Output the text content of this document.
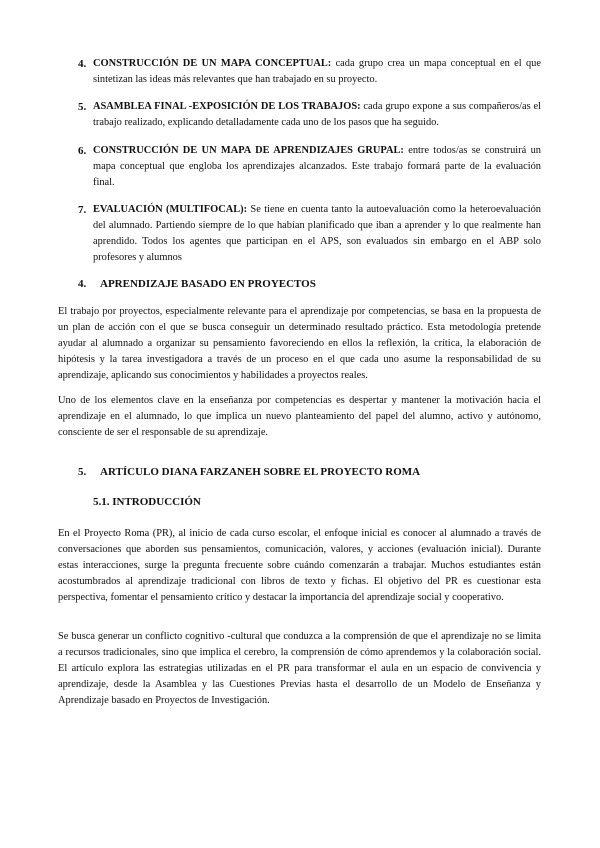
4. CONSTRUCCIÓN DE UN MAPA CONCEPTUAL: cada grupo crea un mapa conceptual en el que sintetizan las ideas más relevantes que han trabajado en su proyecto.
5. ASAMBLEA FINAL -EXPOSICIÓN DE LOS TRABAJOS: cada grupo expone a sus compañeros/as el trabajo realizado, explicando detalladamente cada uno de los pasos que ha seguido.
6. CONSTRUCCIÓN DE UN MAPA DE APRENDIZAJES GRUPAL: entre todos/as se construirá un mapa conceptual que engloba los aprendizajes alcanzados. Este trabajo formará parte de la evaluación final.
7. EVALUACIÓN (MULTIFOCAL): Se tiene en cuenta tanto la autoevaluación como la heteroevaluación del alumnado. Partiendo siempre de lo que habían planificado que iban a aprender y lo que realmente han aprendido. Todos los agentes que participan en el APS, son evaluados sin embargo en el ABP solo profesores y alumnos
4. APRENDIZAJE BASADO EN PROYECTOS

El trabajo por proyectos, especialmente relevante para el aprendizaje por competencias, se basa en la propuesta de un plan de acción con el que se busca conseguir un determinado resultado práctico. Esta metodología pretende ayudar al alumnado a organizar su pensamiento favoreciendo en ellos la reflexión, la crítica, la elaboración de hipótesis y la tarea investigadora a través de un proceso en el que cada uno asume la responsabilidad de su aprendizaje, aplicando sus conocimientos y habilidades a proyectos reales.

Uno de los elementos clave en la enseñanza por competencias es despertar y mantener la motivación hacia el aprendizaje en el alumnado, lo que implica un nuevo planteamiento del papel del alumno, activo y autónomo, consciente de ser el responsable de su aprendizaje.

5. ARTÍCULO DIANA FARZANEH SOBRE EL PROYECTO ROMA
5.1. INTRODUCCIÓN

En el Proyecto Roma (PR), al inicio de cada curso escolar, el enfoque inicial es conocer al alumnado a través de conversaciones que aborden sus pensamientos, comunicación, valores, y acciones (evaluación inicial). Durante estas interacciones, surge la pregunta frecuente sobre cuándo comenzarán a trabajar. Muchos estudiantes están acostumbrados al aprendizaje tradicional con libros de texto y fichas. El objetivo del PR es cuestionar esta perspectiva, fomentar el pensamiento crítico y destacar la importancia del aprendizaje social y cooperativo.

Se busca generar un conflicto cognitivo -cultural que conduzca a la comprensión de que el aprendizaje no se limita a recursos tradicionales, sino que implica el cerebro, la comprensión de cómo aprendemos y la colaboración social. El artículo explora las estrategias utilizadas en el PR para transformar el aula en un espacio de convivencia y aprendizaje, desde la Asamblea y las Cuestiones Previas hasta el desarrollo de un Modelo de Enseñanza y Aprendizaje basado en Proyectos de Investigación.
